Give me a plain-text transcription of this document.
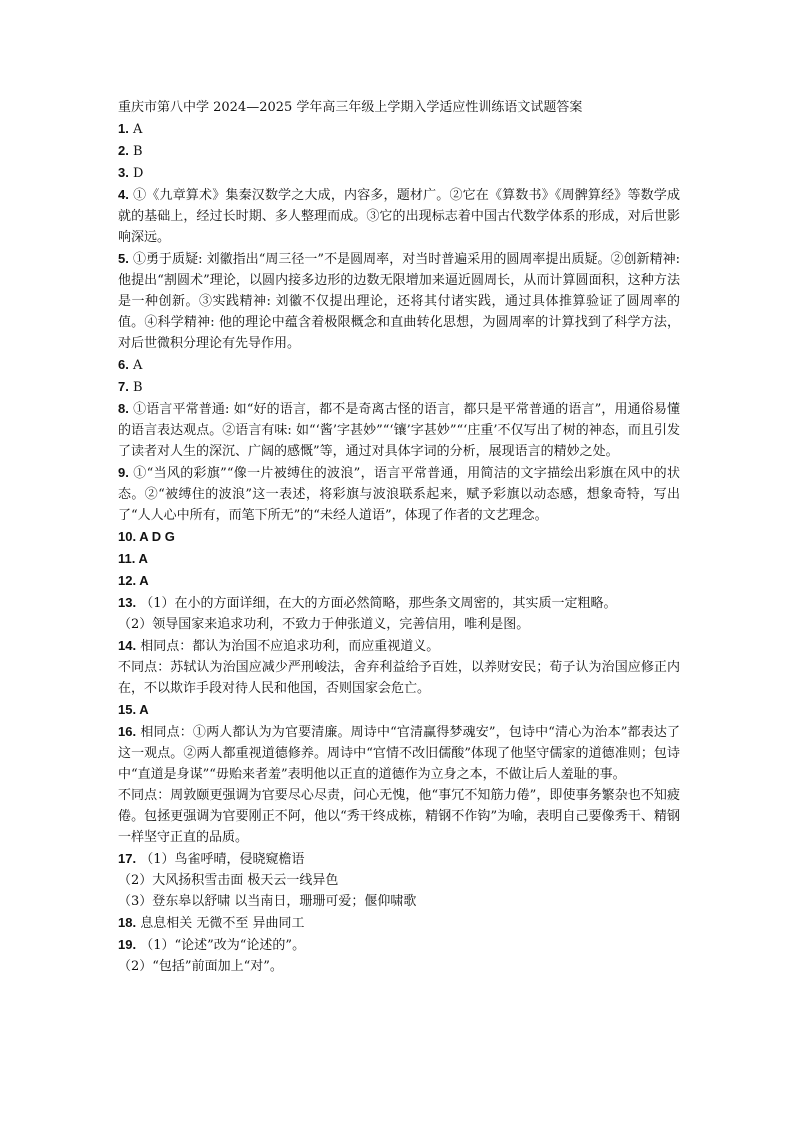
重庆市第八中学 2024—2025 学年高三年级上学期入学适应性训练语文试题答案
1. A
2. B
3. D
4. ①《九章算术》集秦汉数学之大成，内容多，题材广。②它在《算数书》《周髀算经》等数学成就的基础上，经过长时期、多人整理而成。③它的出现标志着中国古代数学体系的形成，对后世影响深远。
5. ①勇于质疑: 刘徽指出“周三径一”不是圆周率，对当时普遍采用的圆周率提出质疑。②创新精神: 他提出“割圆术”理论，以圆内接多边形的边数无限增加来逼近圆周长，从而计算圆面积，这种方法是一种创新。③实践精神: 刘徽不仅提出理论，还将其付诸实践，通过具体推算验证了圆周率的值。④科学精神: 他的理论中蕴含着极限概念和直曲转化思想，为圆周率的计算找到了科学方法，对后世微积分理论有先导作用。
6. A
7. B
8. ①语言平常普通: 如“好的语言，都不是奇离古怪的语言，都只是平常普通的语言”，用通俗易懂的语言表达观点。②语言有味: 如“‘酱’字甚妙”“‘镶’字甚妙”“‘庄重’不仅写出了树的神态，而且引发了读者对人生的深沉、广阔的感慨”等，通过对具体字词的分析，展现语言的精妙之处。
9. ①“当风的彩旗”“像一片被缚住的波浪”，语言平常普通，用简洁的文字描绘出彩旗在风中的状态。②“被缚住的波浪”这一表述，将彩旗与波浪联系起来，赋予彩旗以动态感，想象奇特，写出了“人人心中所有，而笔下所无”的“未经人道语”，体现了作者的文艺理念。
10. A D G
11. A
12. A
13. （1）在小的方面详细，在大的方面必然简略，那些条文周密的，其实质一定粗略。
（2）领导国家来追求功利，不致力于伸张道义，完善信用，唯利是图。
14. 相同点：都认为治国不应追求功利，而应重视道义。
不同点：苏轼认为治国应减少严刑峻法，舍弃利益给予百姓，以养财安民；荀子认为治国应修正内在，不以欺诈手段对待人民和他国，否则国家会危亡。
15. A
16. 相同点：①两人都认为为官要清廉。周诗中“官清赢得梦魂安”，包诗中“清心为治本”都表达了这一观点。②两人都重视道德修养。周诗中“官情不改旧儒酸”体现了他坚守儒家的道德准则；包诗中“直道是身谋”“毋贻来者羞”表明他以正直的道德作为立身之本，不做让后人羞耻的事。
不同点：周敦颐更强调为官要尽心尽责，问心无愧，他“事冗不知筋力倦”，即使事务繁杂也不知疲倦。包拯更强调为官要刚正不阿，他以“秀干终成栋，精钢不作钩”为喻，表明自己要像秀干、精钢一样坚守正直的品质。
17. （1）鸟雀呼晴，侵晓窥檐语
（2）大风扬积雪击面 极天云一线异色
（3）登东皋以舒啸 以当南日，珊珊可爱；偃仰啸歌
18. 息息相关 无微不至 异曲同工
19. （1）“论述”改为“论述的”。
（2）“包括”前面加上“对”。
